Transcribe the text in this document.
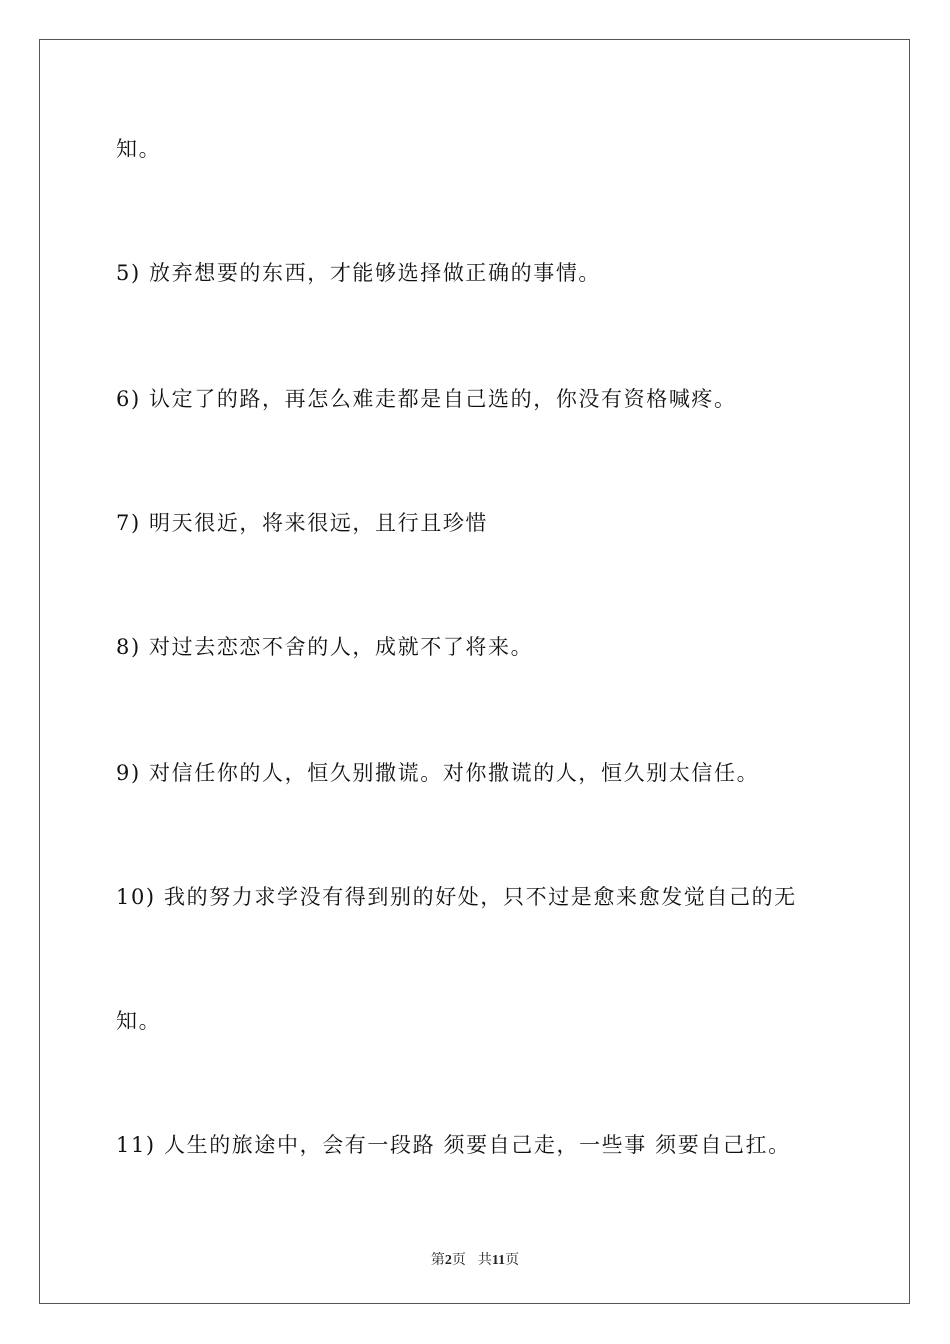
知。
5) 放弃想要的东西，才能够选择做正确的事情。
6) 认定了的路，再怎么难走都是自己选的，你没有资格喊疼。
7) 明天很近，将来很远，且行且珍惜
8) 对过去恋恋不舍的人，成就不了将来。
9) 对信任你的人，恒久别撒谎。对你撒谎的人，恒久别太信任。
10) 我的努力求学没有得到别的好处，只不过是愈来愈发觉自己的无
知。
11) 人生的旅途中，会有一段路 须要自己走，一些事 须要自己扛。
第2页 共11页
